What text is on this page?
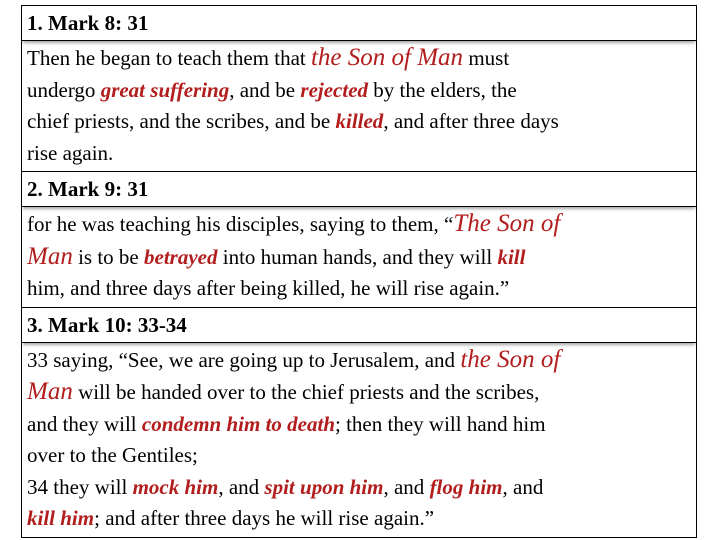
1. Mark 8: 31
Then he began to teach them that the Son of Man must
undergo great suffering, and be rejected by the elders, the
chief priests, and the scribes, and be killed, and after three days
rise again.
2. Mark 9: 31
for he was teaching his disciples, saying to them, “The Son of
Man is to be betrayed into human hands, and they will kill
him, and three days after being killed, he will rise again.”
3. Mark 10: 33-34
33 saying, “See, we are going up to Jerusalem, and the Son of
Man will be handed over to the chief priests and the scribes,
and they will condemn him to death; then they will hand him
over to the Gentiles;
34 they will mock him, and spit upon him, and flog him, and
kill him; and after three days he will rise again.”
